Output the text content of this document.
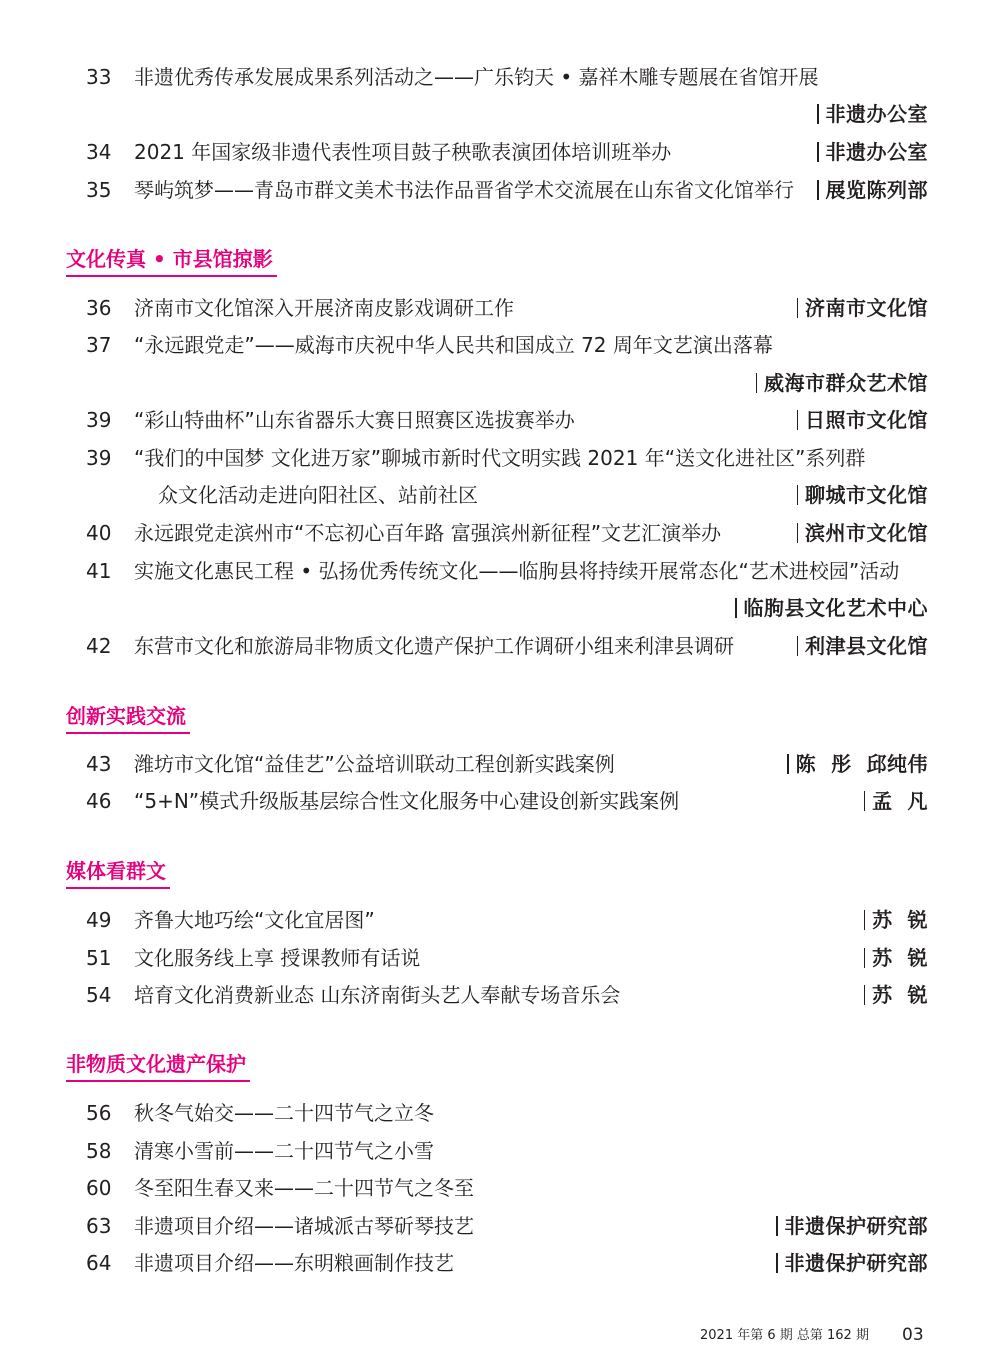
33	非遗优秀传承发展成果系列活动之——广乐钧天 • 嘉祥木雕专题展在省馆开展
非遗办公室
34	2021 年国家级非遗代表性项目鼓子秧歌表演团体培训班举办	非遗办公室
35	琴屿筑梦——青岛市群文美术书法作品晋省学术交流展在山东省文化馆举行	展览陈列部
文化传真 • 市县馆掠影
36	济南市文化馆深入开展济南皮影戏调研工作	济南市文化馆
37	“永远跟党走”——威海市庆祝中华人民共和国成立 72 周年文艺演出落幕
威海市群众艺术馆
39	“彩山特曲杯”山东省器乐大赛日照赛区选拔赛举办	日照市文化馆
39	“我们的中国梦 文化进万家”聊城市新时代文明实践 2021 年“送文化进社区”系列群
众文化活动走进向阳社区、站前社区	聊城市文化馆
40	永远跟党走滨州市“不忘初心百年路 富强滨州新征程”文艺汇演举办	滨州市文化馆
41	实施文化惠民工程 • 弘扬优秀传统文化——临朐县将持续开展常态化“艺术进校园”活动
临朐县文化艺术中心
42	东营市文化和旅游局非物质文化遗产保护工作调研小组来利津县调研	利津县文化馆
创新实践交流
43	潍坊市文化馆“益佳艺”公益培训联动工程创新实践案例	陈  彤  邱纯伟
46	“5+N”模式升级版基层综合性文化服务中心建设创新实践案例	孟  凡
媒体看群文
49	齐鲁大地巧绘“文化宜居图”	苏  锐
51	文化服务线上享 授课教师有话说	苏  锐
54	培育文化消费新业态 山东济南街头艺人奉献专场音乐会	苏  锐
非物质文化遗产保护
56	秋冬气始交——二十四节气之立冬
58	清寒小雪前——二十四节气之小雪
60	冬至阳生春又来——二十四节气之冬至
63	非遗项目介绍——诸城派古琴斫琴技艺	非遗保护研究部
64	非遗项目介绍——东明粮画制作技艺	非遗保护研究部
2021 年第 6 期 总第 162 期 03
